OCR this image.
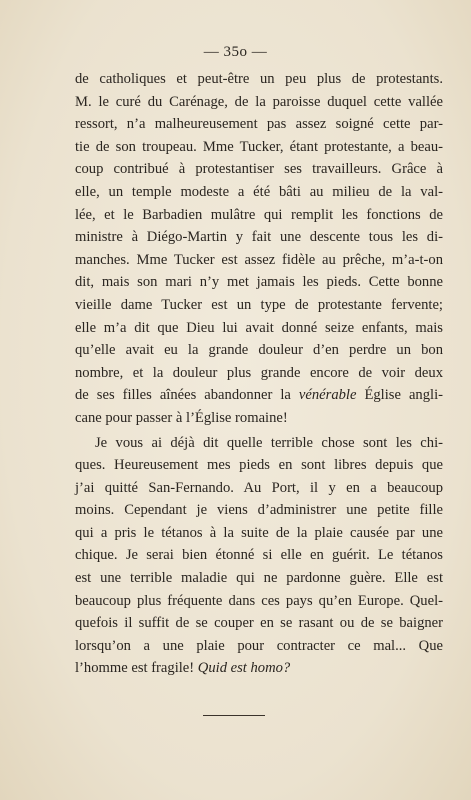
— 35o —
de catholiques et peut-être un peu plus de protestants.
M. le curé du Carénage, de la paroisse duquel cette vallée
ressort, n’a malheureusement pas assez soigné cette par-
tie de son troupeau. Mme Tucker, étant protestante, a beau-
coup contribué à protestantiser ses travailleurs. Grâce à
elle, un temple modeste a été bâti au milieu de la val-
lée, et le Barbadien mulâtre qui remplit les fonctions de
ministre à Diégo-Martin y fait une descente tous les di-
manches. Mme Tucker est assez fidèle au prêche, m’a-t-on
dit, mais son mari n’y met jamais les pieds. Cette bonne
vieille dame Tucker est un type de protestante fervente;
elle m’a dit que Dieu lui avait donné seize enfants, mais
qu’elle avait eu la grande douleur d’en perdre un bon
nombre, et la douleur plus grande encore de voir deux
de ses filles aînées abandonner la vénérable Église angli-
cane pour passer à l’Église romaine!
Je vous ai déjà dit quelle terrible chose sont les chi-
ques. Heureusement mes pieds en sont libres depuis que
j’ai quitté San-Fernando. Au Port, il y en a beaucoup
moins. Cependant je viens d’administrer une petite fille
qui a pris le tétanos à la suite de la plaie causée par une
chique. Je serai bien étonné si elle en guérit. Le tétanos
est une terrible maladie qui ne pardonne guère. Elle est
beaucoup plus fréquente dans ces pays qu’en Europe. Quel-
quefois il suffit de se couper en se rasant ou de se baigner
lorsqu’on a une plaie pour contracter ce mal... Que
l’homme est fragile! Quid est homo?
